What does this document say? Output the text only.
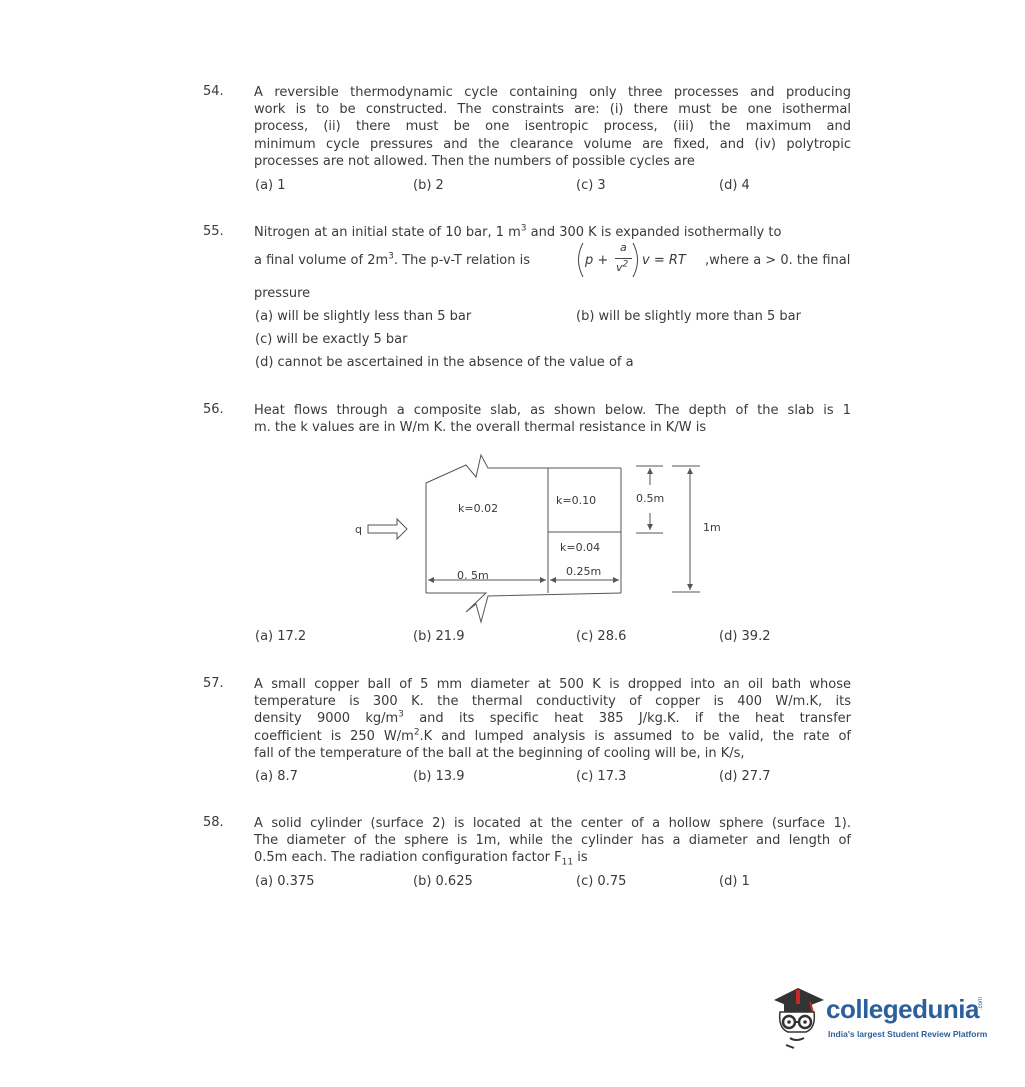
54. A reversible thermodynamic cycle containing only three processes and producing
work is to be constructed. The constraints are: (i) there must be one isothermal
process, (ii) there must be one isentropic process, (iii) the maximum and
minimum cycle pressures and the clearance volume are fixed, and (iv) polytropic
processes are not allowed. Then the numbers of possible cycles are
(a) 1	(b) 2	(c) 3	(d) 4
55. Nitrogen at an initial state of 10 bar, 1 $m^3$ and 300 K is expanded isothermally to
a final volume of $2m^3$. The p-v-T relation is	p +
a
$v^2$ v = RT ,where a > 0. the final
pressure
(a) will be slightly less than 5 bar	(b) will be slightly more than 5 bar
(c) will be exactly 5 bar
(d) cannot be ascertained in the absence of the value of a
56. Heat flows through a composite slab, as shown below. The depth of the slab is 1
m. the k values are in W/m K. the overall thermal resistance in K/W is
q
k=0.02
k=0.10
k=0.04
0. 5m	0.25m
0.5m
1m
(a) 17.2	(b) 21.9	(c) 28.6	(d) 39.2
57. A small copper ball of 5 mm diameter at 500 K is dropped into an oil bath whose
temperature is 300 K. the thermal conductivity of copper is 400 W/m.K, its
density 9000 $kg/m^3$ and its specific heat 385 J/kg.K. if the heat transfer
coefficient is 250 $W/m^2.K$ and lumped analysis is assumed to be valid, the rate of
fall of the temperature of the ball at the beginning of cooling will be, in K/s,
(a) 8.7	(b) 13.9	(c) 17.3	(d) 27.7
58. A solid cylinder (surface 2) is located at the center of a hollow sphere (surface 1).
The diameter of the sphere is 1m, while the cylinder has a diameter and length of
0.5m each. The radiation configuration factor $F_{11}$ is
(a) 0.375	(b) 0.625	(c) 0.75	(d) 1
collegedunia .com
India's largest Student Review Platform
